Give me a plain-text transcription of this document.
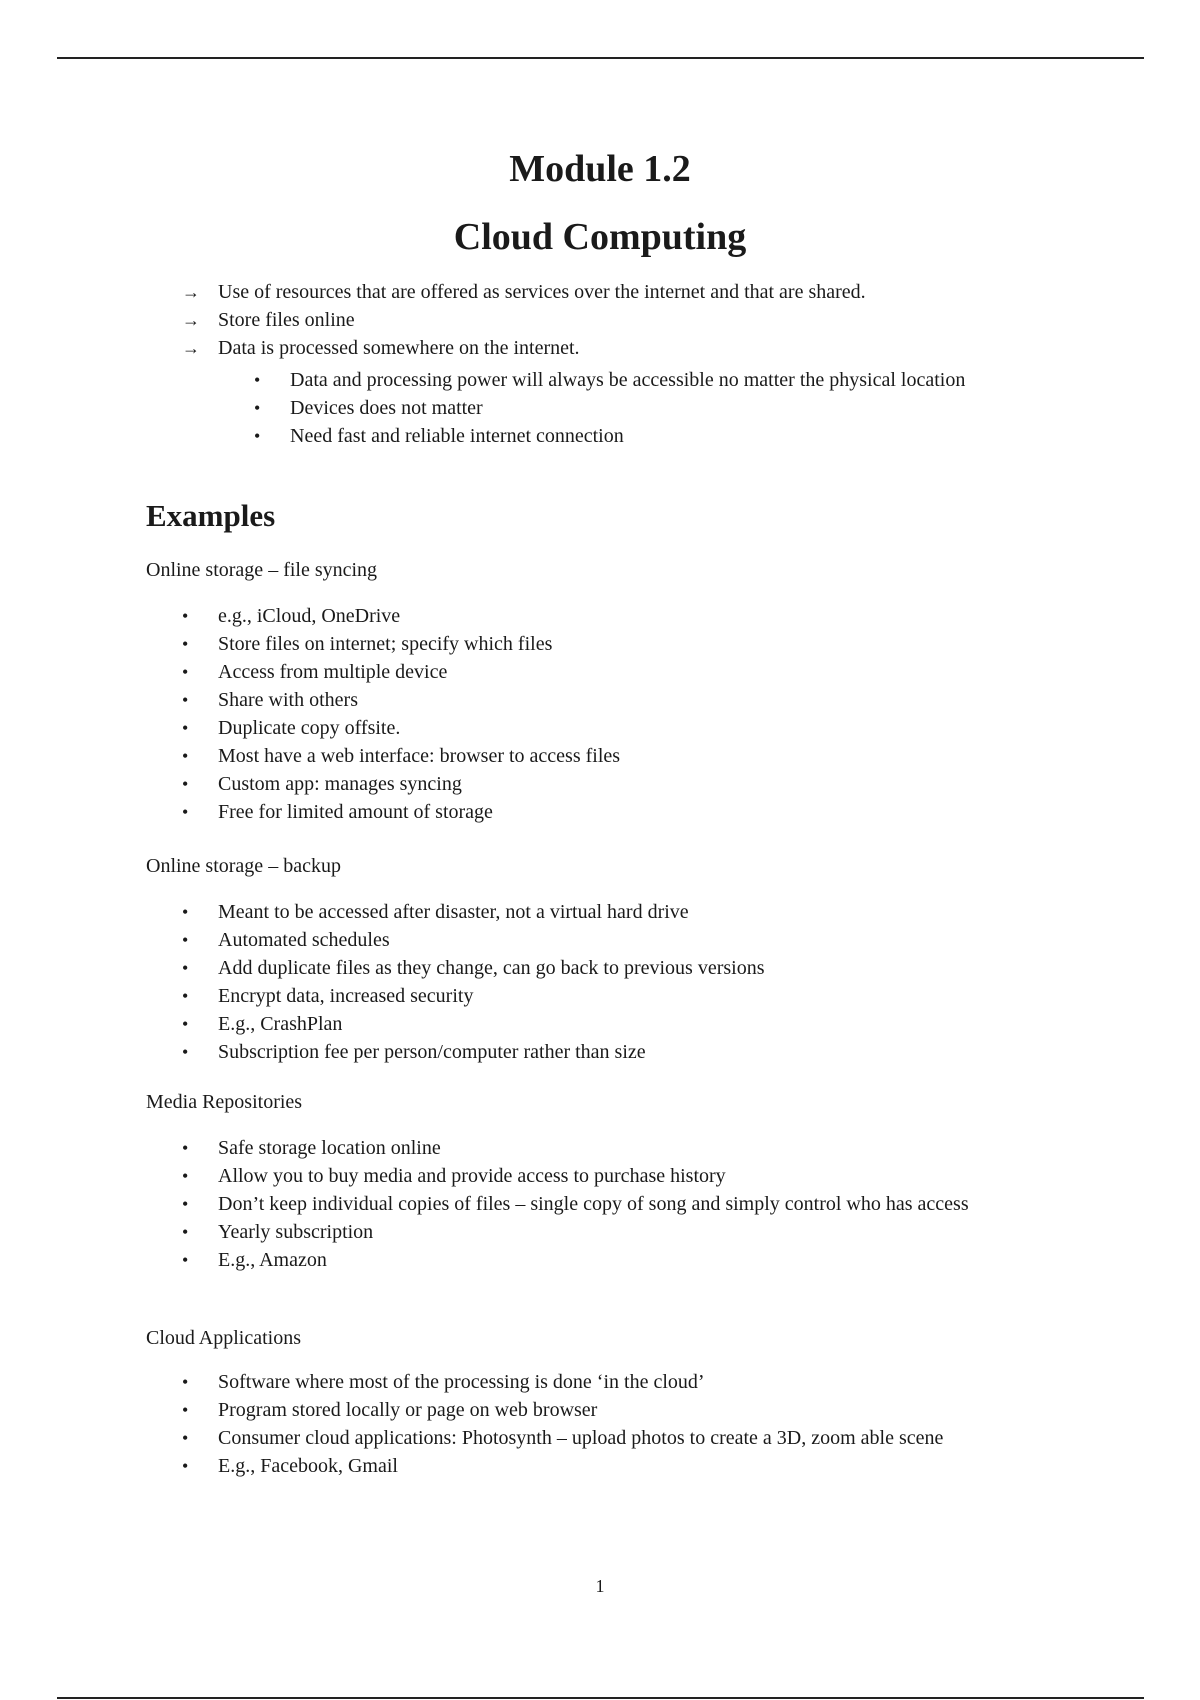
Module 1.2
Cloud Computing
→ Use of resources that are offered as services over the internet and that are shared.
→ Store files online
→ Data is processed somewhere on the internet.
• Data and processing power will always be accessible no matter the physical location
• Devices does not matter
• Need fast and reliable internet connection
Examples

Online storage – file syncing

• e.g., iCloud, OneDrive
• Store files on internet; specify which files
• Access from multiple device
• Share with others
• Duplicate copy offsite.
• Most have a web interface: browser to access files
• Custom app: manages syncing
• Free for limited amount of storage

Online storage – backup

• Meant to be accessed after disaster, not a virtual hard drive
• Automated schedules
• Add duplicate files as they change, can go back to previous versions
• Encrypt data, increased security
• E.g., CrashPlan
• Subscription fee per person/computer rather than size

Media Repositories

• Safe storage location online
• Allow you to buy media and provide access to purchase history
• Don’t keep individual copies of files – single copy of song and simply control who has access
• Yearly subscription
• E.g., Amazon

Cloud Applications

• Software where most of the processing is done ‘in the cloud’
• Program stored locally or page on web browser
• Consumer cloud applications: Photosynth – upload photos to create a 3D, zoom able scene
• E.g., Facebook, Gmail
1
